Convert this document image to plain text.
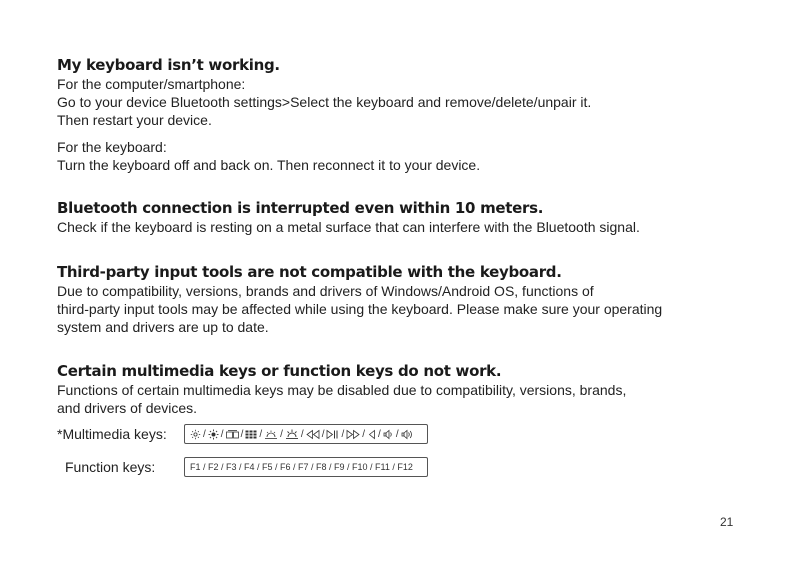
My keyboard isn’t working.

For the computer/smartphone:

Go to your device Bluetooth settings>Select the keyboard and remove/delete/unpair it.

Then restart your device.

For the keyboard:

Turn the keyboard off and back on. Then reconnect it to your device.

Bluetooth connection is interrupted even within 10 meters.

Check if the keyboard is resting on a metal surface that can interfere with the Bluetooth signal.

Third-party input tools are not compatible with the keyboard.

Due to compatibility, versions, brands and drivers of Windows/Android OS, functions of

third-party input tools may be affected while using the keyboard. Please make sure your operating

system and drivers are up to date.

Certain multimedia keys or function keys do not work.

Functions of certain multimedia keys may be disabled due to compatibility, versions, brands,

and drivers of devices.

*Multimedia keys:	/ / / / / / / / / / /
Function keys:	F1 / F2 / F3 / F4 / F5 / F6 / F7 / F8 / F9 / F10 / F11 / F12
21
